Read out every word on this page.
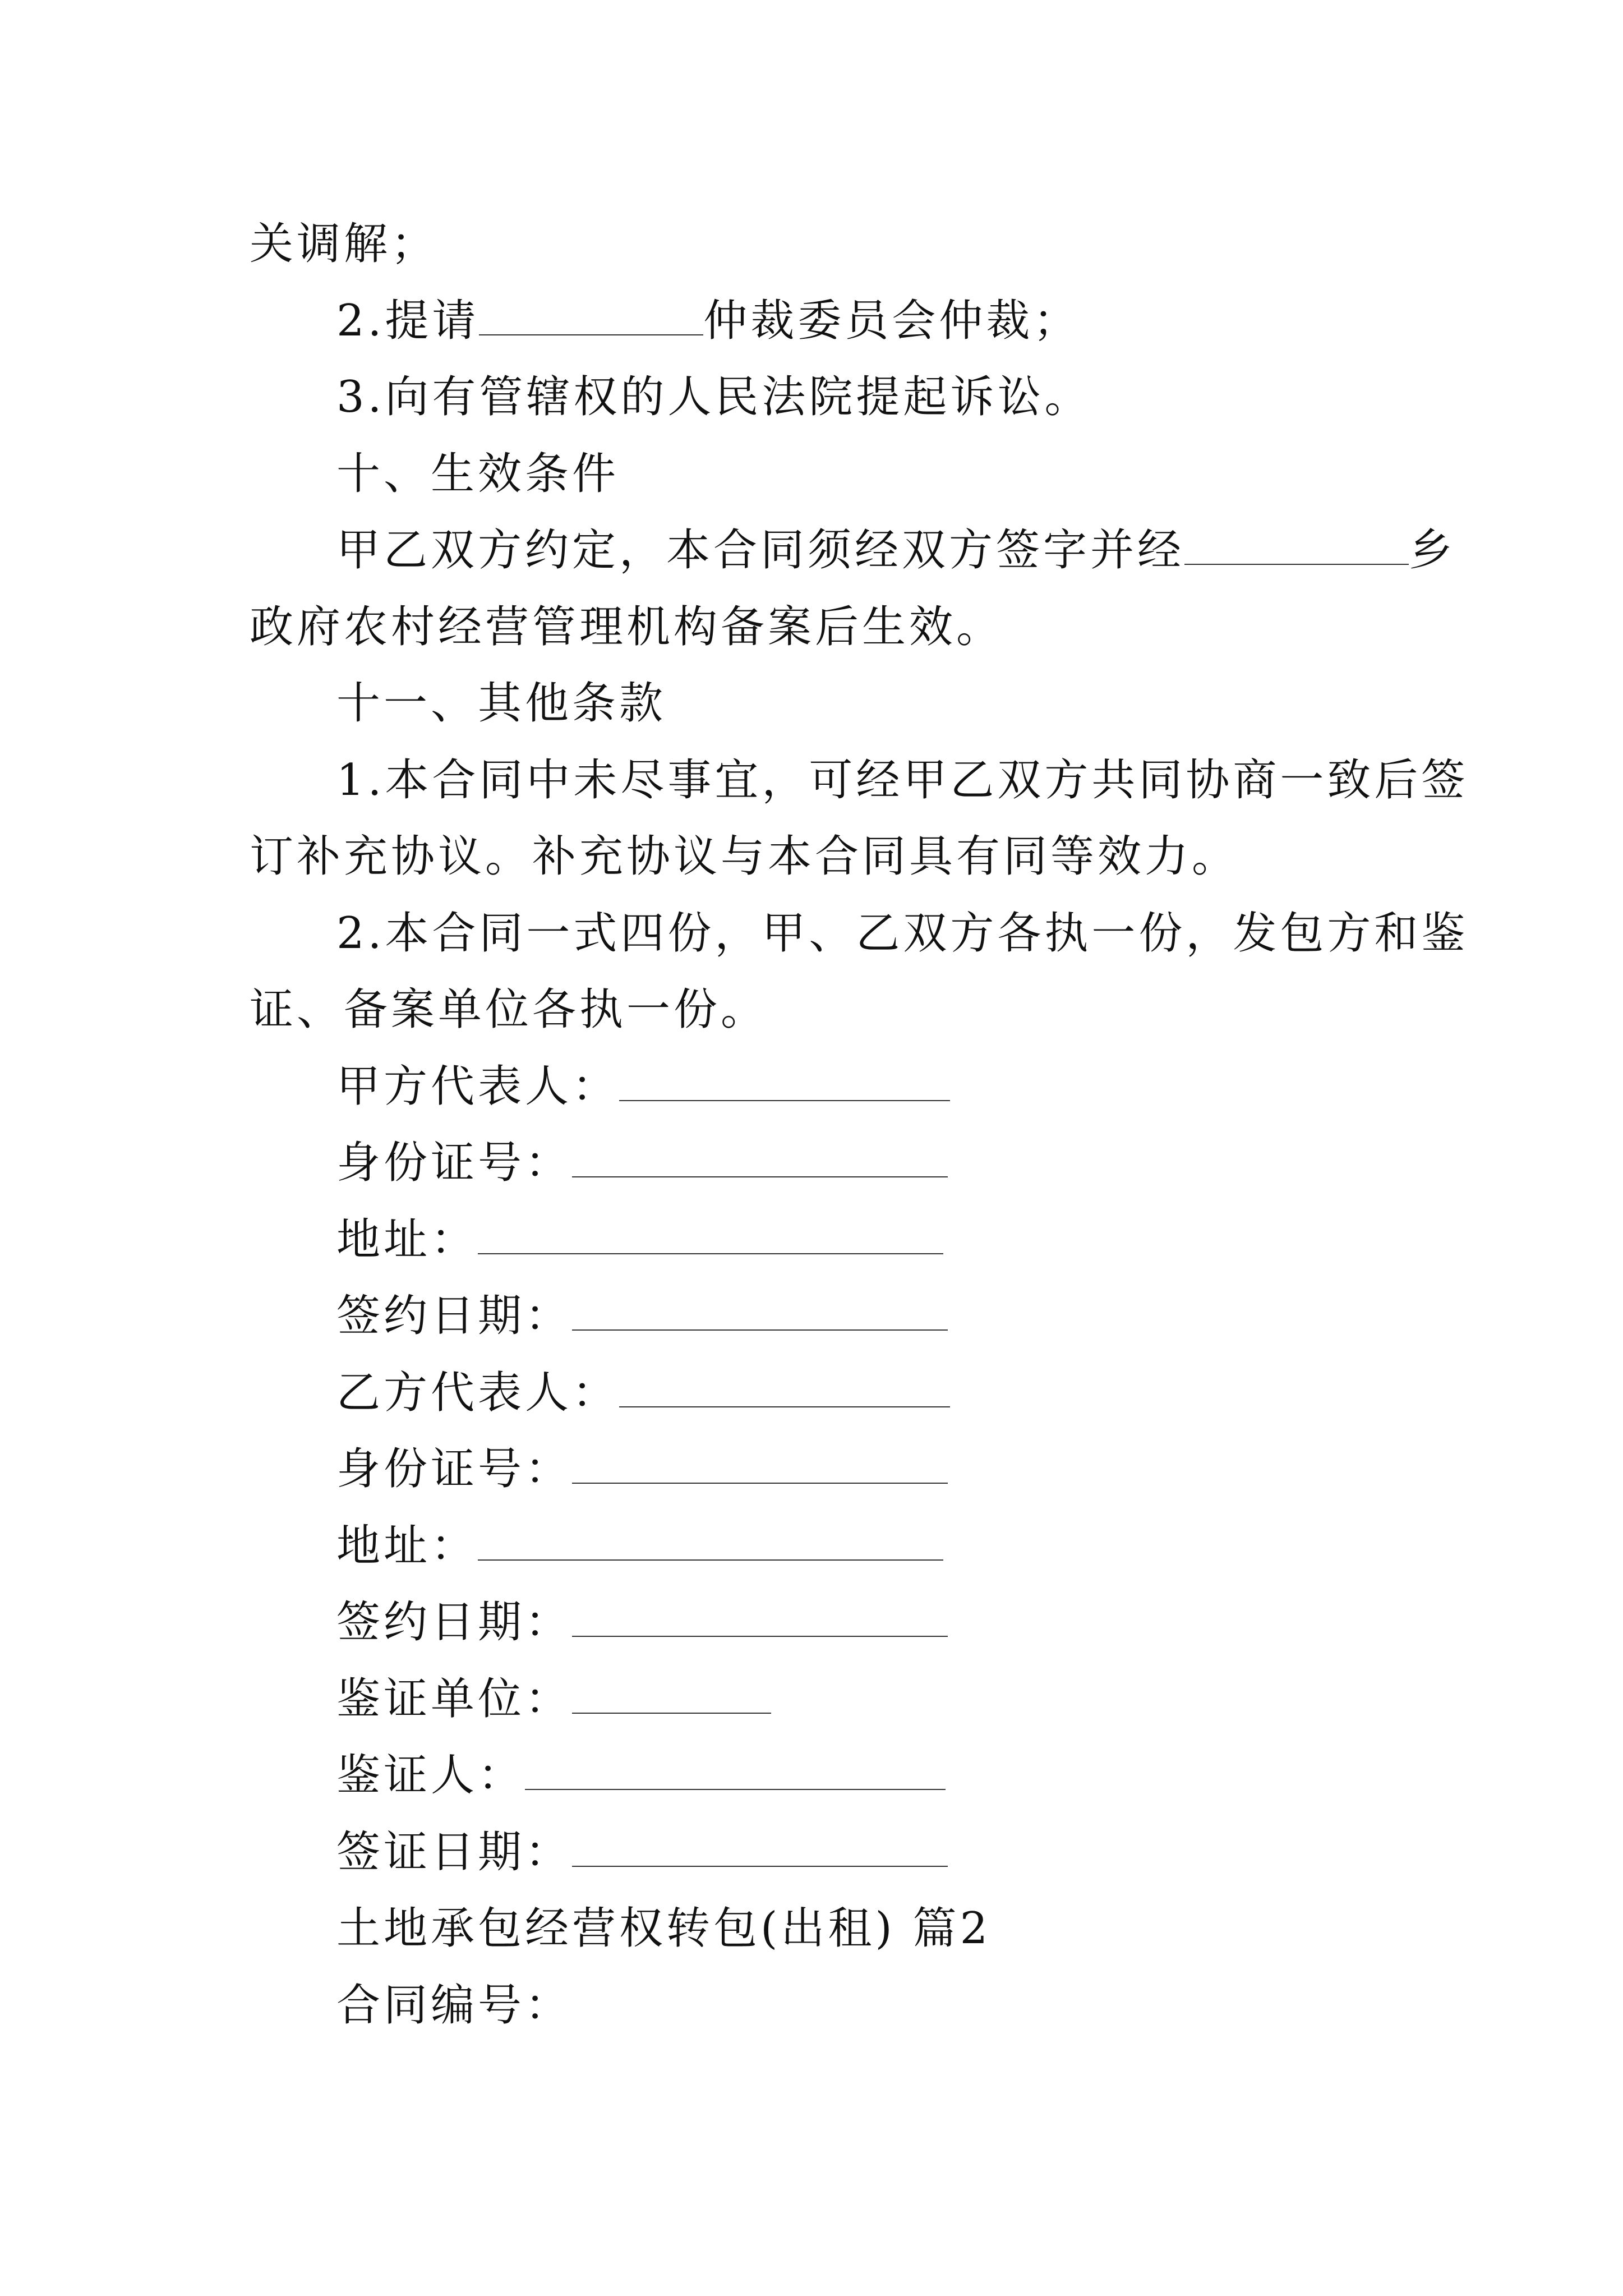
关调解；
2.提请	仲裁委员会仲裁；
3.向有管辖权的人民法院提起诉讼。
十、生效条件
甲乙双方约定，本合同须经双方签字并经	乡
政府农村经营管理机构备案后生效。
十一、其他条款
1.本合同中未尽事宜，可经甲乙双方共同协商一致后签
订补充协议。补充协议与本合同具有同等效力。
2.本合同一式四份，甲、乙双方各执一份，发包方和鉴
证、备案单位各执一份。
甲方代表人：
身份证号：
地址：
签约日期：
乙方代表人：
身份证号：
地址：
签约日期：
鉴证单位：
鉴证人：
签证日期：
土地承包经营权转包(出租) 篇2
合同编号：
